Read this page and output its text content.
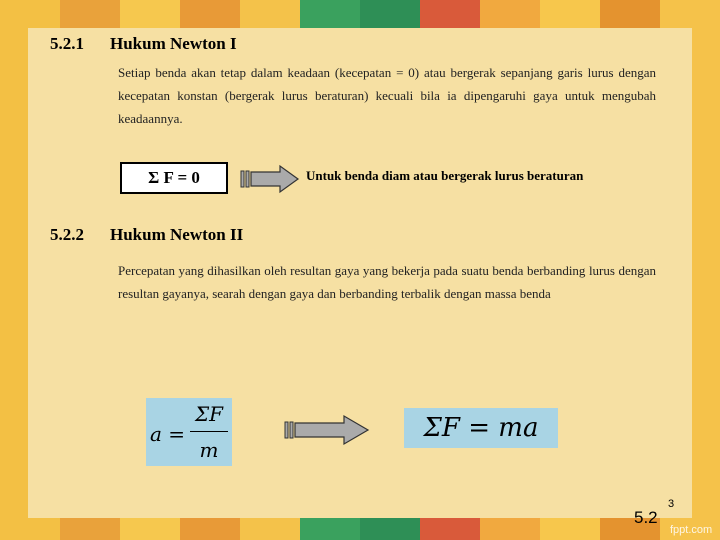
5.2.1 Hukum Newton I
Setiap benda akan tetap dalam keadaan (kecepatan = 0) atau bergerak sepanjang garis lurus dengan kecepatan konstan (bergerak lurus beraturan) kecuali bila ia dipengaruhi gaya untuk mengubah keadaannya.
Σ F = 0	Untuk benda diam atau bergerak lurus beraturan
5.2.2 Hukum Newton II
Percepatan yang dihasilkan oleh resultan gaya yang bekerja pada suatu benda berbanding lurus dengan resultan gayanya, searah dengan gaya dan berbanding terbalik dengan massa benda
a =
ΣF
m
ΣF = ma
5.2
3
fppt.com
